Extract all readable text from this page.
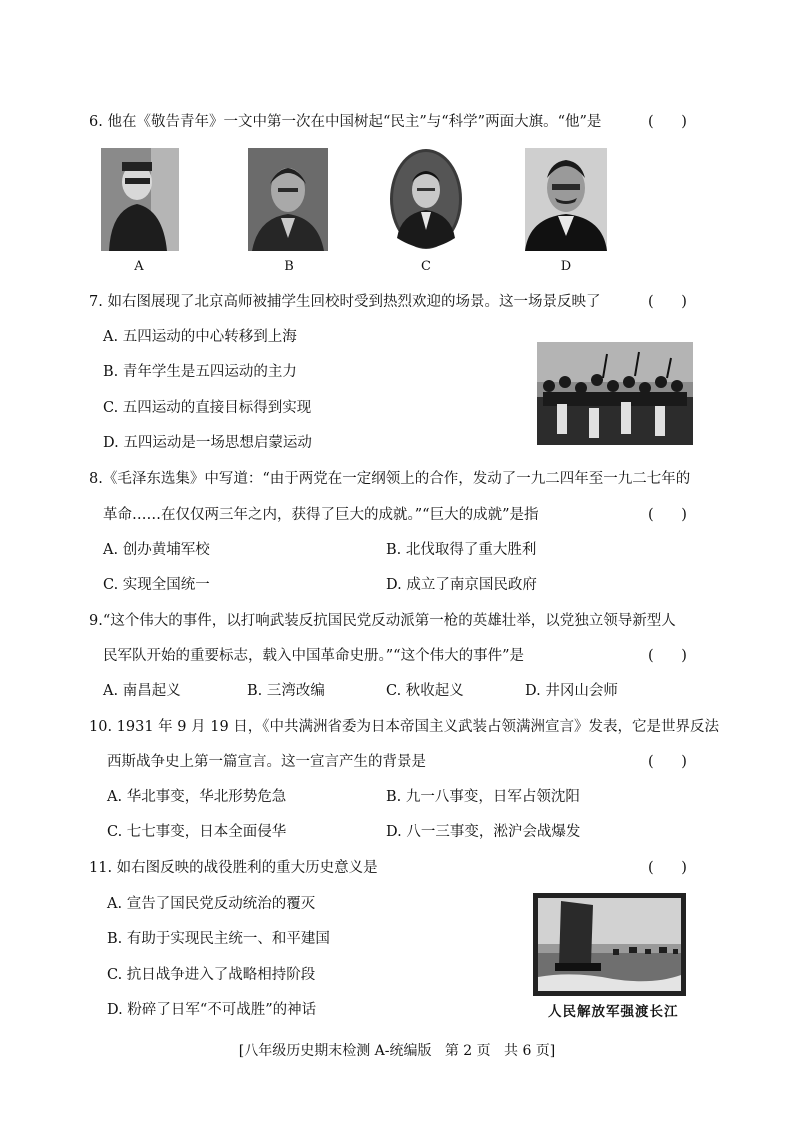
6. 他在《敬告青年》一文中第一次在中国树起“民主”与“科学”两面大旗。“他”是	(      )
A	B	C	D
7. 如右图展现了北京高师被捕学生回校时受到热烈欢迎的场景。这一场景反映了	(      )
A. 五四运动的中心转移到上海
B. 青年学生是五四运动的主力
C. 五四运动的直接目标得到实现
D. 五四运动是一场思想启蒙运动
8.《毛泽东选集》中写道：“由于两党在一定纲领上的合作，发动了一九二四年至一九二七年的
革命……在仅仅两三年之内，获得了巨大的成就。”“巨大的成就”是指	(      )
A. 创办黄埔军校	B. 北伐取得了重大胜利
C. 实现全国统一	D. 成立了南京国民政府
9.“这个伟大的事件，以打响武装反抗国民党反动派第一枪的英雄壮举，以党独立领导新型人
民军队开始的重要标志，载入中国革命史册。”“这个伟大的事件”是	(      )
A. 南昌起义	B. 三湾改编	C. 秋收起义	D. 井冈山会师
10. 1931 年 9 月 19 日，《中共满洲省委为日本帝国主义武装占领满洲宣言》发表，它是世界反法
西斯战争史上第一篇宣言。这一宣言产生的背景是	(      )
A. 华北事变，华北形势危急	B. 九一八事变，日军占领沈阳
C. 七七事变，日本全面侵华	D. 八一三事变，淞沪会战爆发
11. 如右图反映的战役胜利的重大历史意义是	(      )
A. 宣告了国民党反动统治的覆灭
B. 有助于实现民主统一、和平建国
C. 抗日战争进入了战略相持阶段
D. 粉碎了日军“不可战胜”的神话	人民解放军强渡长江
[八年级历史期末检测 A-统编版   第 2 页   共 6 页]
